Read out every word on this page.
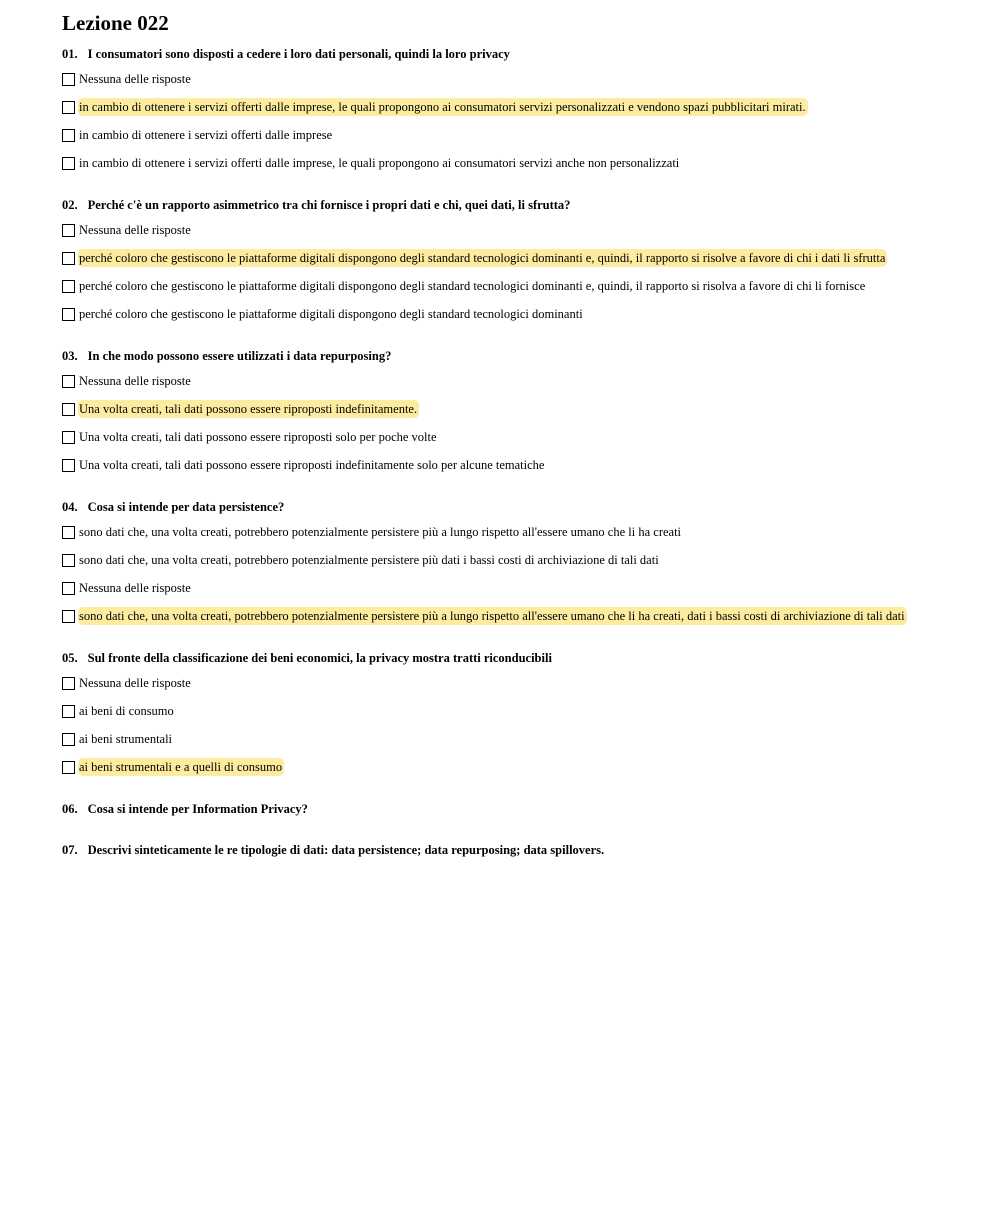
Lezione 022
01. I consumatori sono disposti a cedere i loro dati personali, quindi la loro privacy
Nessuna delle risposte
in cambio di ottenere i servizi offerti dalle imprese, le quali propongono ai consumatori servizi personalizzati e vendono spazi pubblicitari mirati.
in cambio di ottenere i servizi offerti dalle imprese
in cambio di ottenere i servizi offerti dalle imprese, le quali propongono ai consumatori servizi anche non personalizzati
02. Perché c'è un rapporto asimmetrico tra chi fornisce i propri dati e chi, quei dati, li sfrutta?
Nessuna delle risposte
perché coloro che gestiscono le piattaforme digitali dispongono degli standard tecnologici dominanti e, quindi, il rapporto si risolve a favore di chi i dati li sfrutta
perché coloro che gestiscono le piattaforme digitali dispongono degli standard tecnologici dominanti e, quindi, il rapporto si risolva a favore di chi li fornisce
perché coloro che gestiscono le piattaforme digitali dispongono degli standard tecnologici dominanti
03. In che modo possono essere utilizzati i data repurposing?
Nessuna delle risposte
Una volta creati, tali dati possono essere riproposti indefinitamente.
Una volta creati, tali dati possono essere riproposti solo per poche volte
Una volta creati, tali dati possono essere riproposti indefinitamente solo per alcune tematiche
04. Cosa si intende per data persistence?
sono dati che, una volta creati, potrebbero potenzialmente persistere più a lungo rispetto all'essere umano che li ha creati
sono dati che, una volta creati, potrebbero potenzialmente persistere più dati i bassi costi di archiviazione di tali dati
Nessuna delle risposte
sono dati che, una volta creati, potrebbero potenzialmente persistere più a lungo rispetto all'essere umano che li ha creati, dati i bassi costi di archiviazione di tali dati
05. Sul fronte della classificazione dei beni economici, la privacy mostra tratti riconducibili
Nessuna delle risposte
ai beni di consumo
ai beni strumentali
ai beni strumentali e a quelli di consumo
06. Cosa si intende per Information Privacy?
07. Descrivi sinteticamente le re tipologie di dati: data persistence; data repurposing; data spillovers.
